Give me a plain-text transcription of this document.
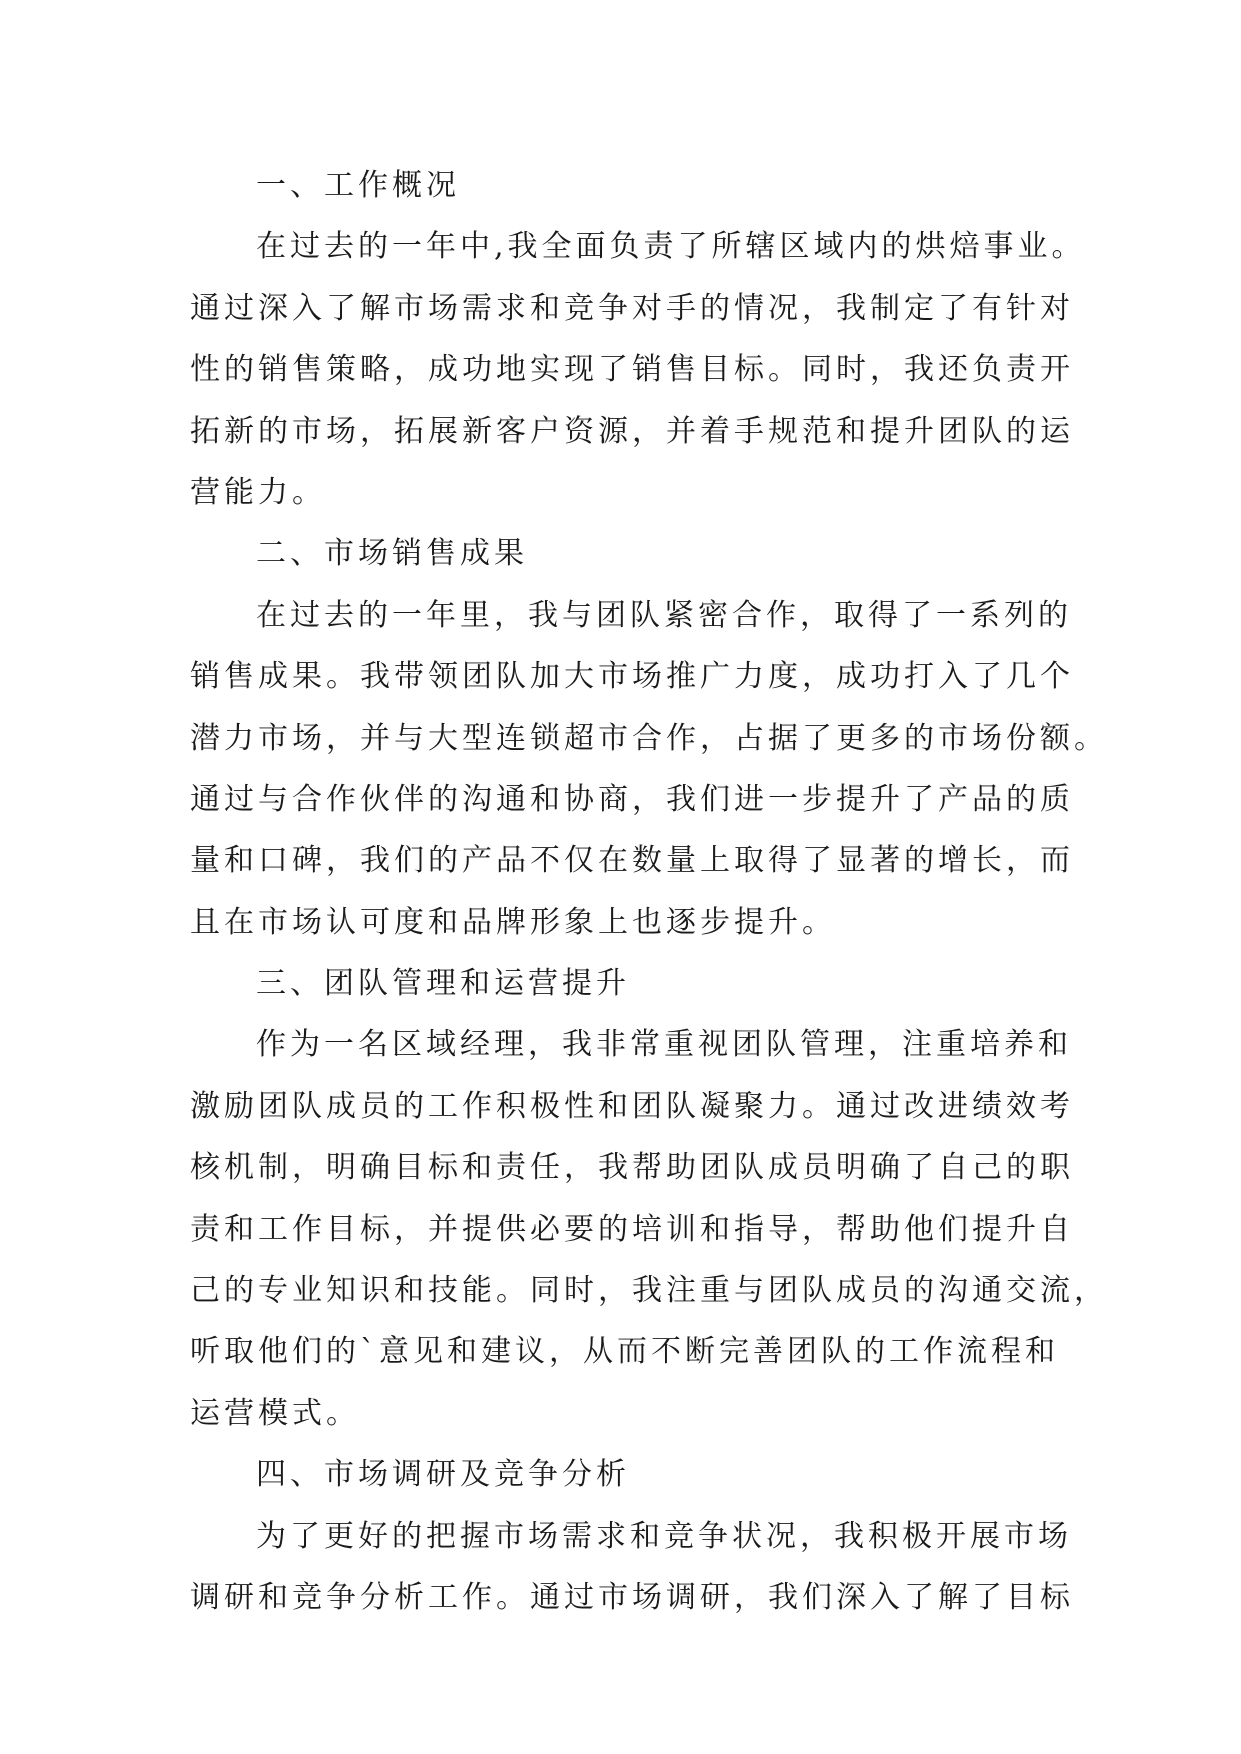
一、工作概况
在过去的一年中,我全面负责了所辖区域内的烘焙事业。
通过深入了解市场需求和竞争对手的情况，我制定了有针对
性的销售策略，成功地实现了销售目标。同时，我还负责开
拓新的市场，拓展新客户资源，并着手规范和提升团队的运
营能力。
二、市场销售成果
在过去的一年里，我与团队紧密合作，取得了一系列的
销售成果。我带领团队加大市场推广力度，成功打入了几个
潜力市场，并与大型连锁超市合作，占据了更多的市场份额。
通过与合作伙伴的沟通和协商，我们进一步提升了产品的质
量和口碑，我们的产品不仅在数量上取得了显著的增长，而
且在市场认可度和品牌形象上也逐步提升。
三、团队管理和运营提升
作为一名区域经理，我非常重视团队管理，注重培养和
激励团队成员的工作积极性和团队凝聚力。通过改进绩效考
核机制，明确目标和责任，我帮助团队成员明确了自己的职
责和工作目标，并提供必要的培训和指导，帮助他们提升自
己的专业知识和技能。同时，我注重与团队成员的沟通交流，
听取他们的`意见和建议，从而不断完善团队的工作流程和
运营模式。
四、市场调研及竞争分析
为了更好的把握市场需求和竞争状况，我积极开展市场
调研和竞争分析工作。通过市场调研，我们深入了解了目标
